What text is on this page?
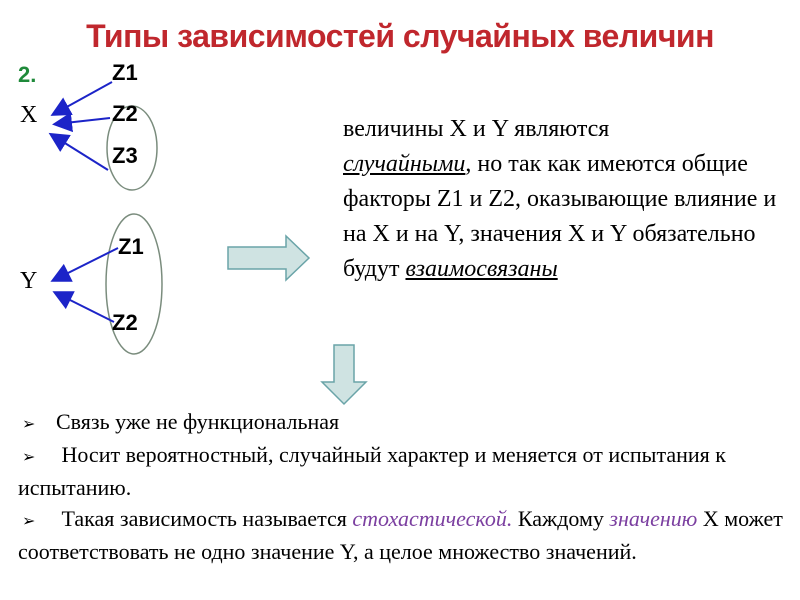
Типы зависимостей случайных величин
2.
X
Y
Z1
Z2
Z3
Z1
Z2
величины X и Y являются
случайными, но так как имеются общие факторы Z1 и Z2, оказывающие влияние и на X и на Y, значения X и Y обязательно будут взаимосвязаны
➢ Связь уже не функциональная
➢ Носит вероятностный, случайный характер и меняется от испытания к испытанию.
➢ Такая зависимость называется стохастической. Каждому значению X может соответствовать не одно значение Y, а целое множество значений.
